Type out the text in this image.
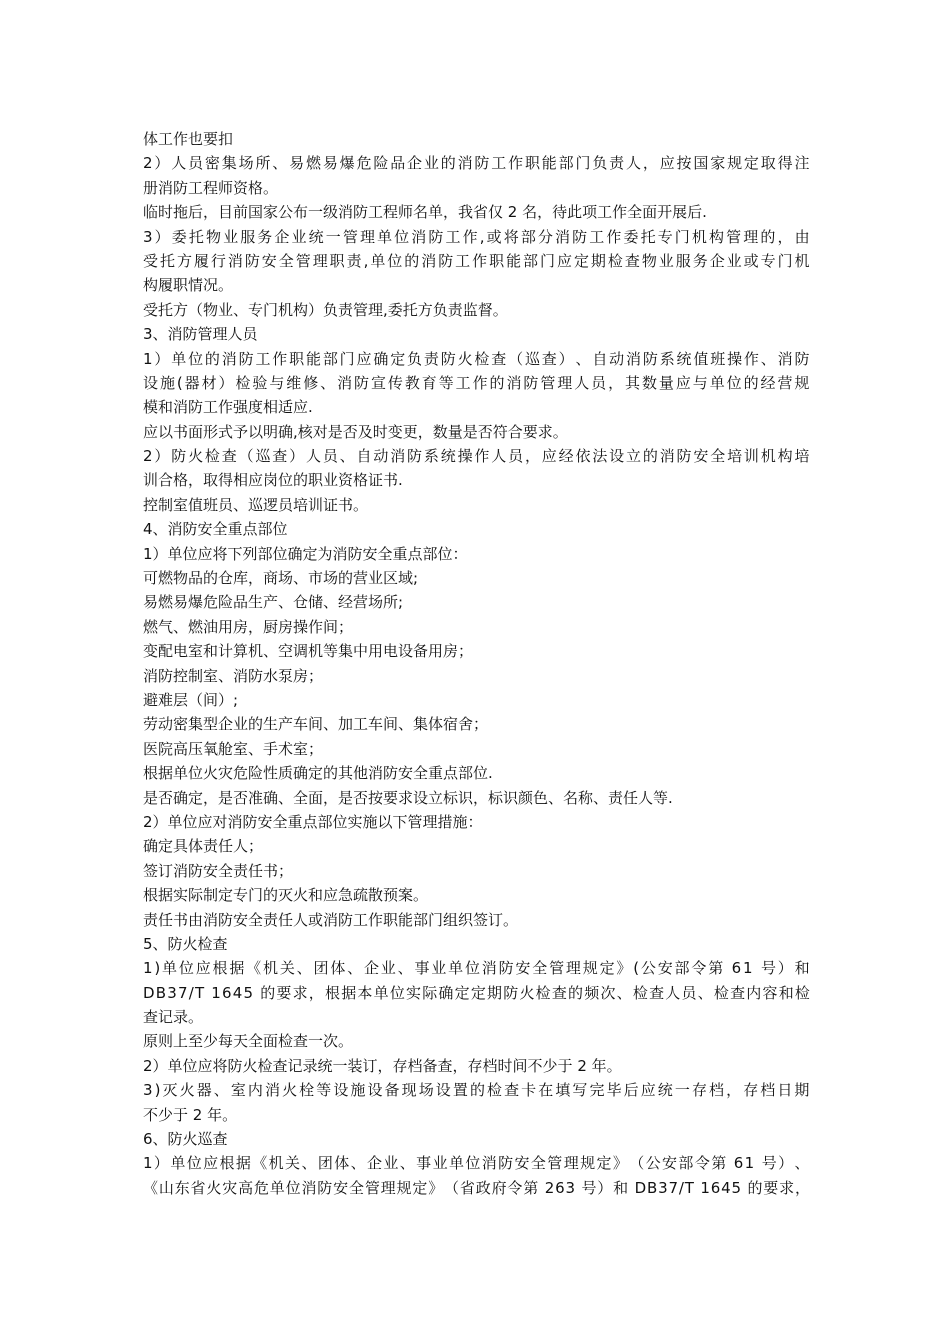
体工作也要扣

2 ） 人 员 密 集 场 所 、 易 燃 易 爆 危 险 品 企 业 的 消 防 工 作 职 能 部 门 负 责 人 ， 应 按 国 家 规 定 取 得 注

册消防工程师资格。

临时拖后，目前国家公布一级消防工程师名单，我省仅 2 名，待此项工作全面开展后.

3 ） 委 托 物 业 服 务 企 业 统 一 管 理 单 位 消 防 工 作 , 或 将 部 分 消 防 工 作 委 托 专 门 机 构 管 理 的 ， 由

受 托 方 履 行 消 防 安 全 管 理 职 责 , 单 位 的 消 防 工 作 职 能 部 门 应 定 期 检 查 物 业 服 务 企 业 或 专 门 机

构履职情况。

受托方（物业、专门机构）负责管理,委托方负责监督。

3、消防管理人员

1 ） 单 位 的 消 防 工 作 职 能 部 门 应 确 定 负 责 防 火 检 查 （ 巡 查 ） 、 自 动 消 防 系 统 值 班 操 作 、 消 防

设 施 ( 器 材 ） 检 验 与 维 修 、 消 防 宣 传 教 育 等 工 作 的 消 防 管 理 人 员 ， 其 数 量 应 与 单 位 的 经 营 规

模和消防工作强度相适应.

应以书面形式予以明确,核对是否及时变更，数量是否符合要求。

2 ） 防 火 检 查 （ 巡 查 ） 人 员 、 自 动 消 防 系 统 操 作 人 员 ， 应 经 依 法 设 立 的 消 防 安 全 培 训 机 构 培

训合格，取得相应岗位的职业资格证书.

控制室值班员、巡逻员培训证书。

4、消防安全重点部位

1）单位应将下列部位确定为消防安全重点部位：

可燃物品的仓库，商场、市场的营业区域;

易燃易爆危险品生产、仓储、经营场所;

燃气、燃油用房，厨房操作间；

变配电室和计算机、空调机等集中用电设备用房；

消防控制室、消防水泵房；

避难层（间）;

劳动密集型企业的生产车间、加工车间、集体宿舍；

医院高压氧舱室、手术室；

根据单位火灾危险性质确定的其他消防安全重点部位.

是否确定，是否准确、全面，是否按要求设立标识，标识颜色、名称、责任人等.

2）单位应对消防安全重点部位实施以下管理措施：

确定具体责任人；

签订消防安全责任书；

根据实际制定专门的灭火和应急疏散预案。

责任书由消防安全责任人或消防工作职能部门组织签订。

5、防火检查

1 ) 单 位 应 根 据 《 机 关 、 团 体 、 企 业 、 事 业 单 位 消 防 安 全 管 理 规 定 》 ( 公 安 部 令 第
6 1
号 ） 和

D B 3 7 / T
1 6 4 5
的 要 求 ， 根 据 本 单 位 实 际 确 定 定 期 防 火 检 查 的 频 次 、 检 查 人 员 、 检 查 内 容 和 检

查记录。

原则上至少每天全面检查一次。

2）单位应将防火检查记录统一装订，存档备查，存档时间不少于 2 年。

3 ) 灭 火 器 、 室 内 消 火 栓 等 设 施 设 备 现 场 设 置 的 检 查 卡 在 填 写 完 毕 后 应 统 一 存 档 ， 存 档 日 期

不少于 2 年。

6、防火巡查

1 ） 单 位 应 根 据 《 机 关 、 团 体 、 企 业 、 事 业 单 位 消 防 安 全 管 理 规 定 》 （ 公 安 部 令 第
6 1
号 ） 、

《 山 东 省 火 灾 高 危 单 位 消 防 安 全 管 理 规 定 》 （ 省 政 府 令 第
2 6 3
号 ） 和
D B 3 7 / T
1 6 4 5
的 要 求 ，
